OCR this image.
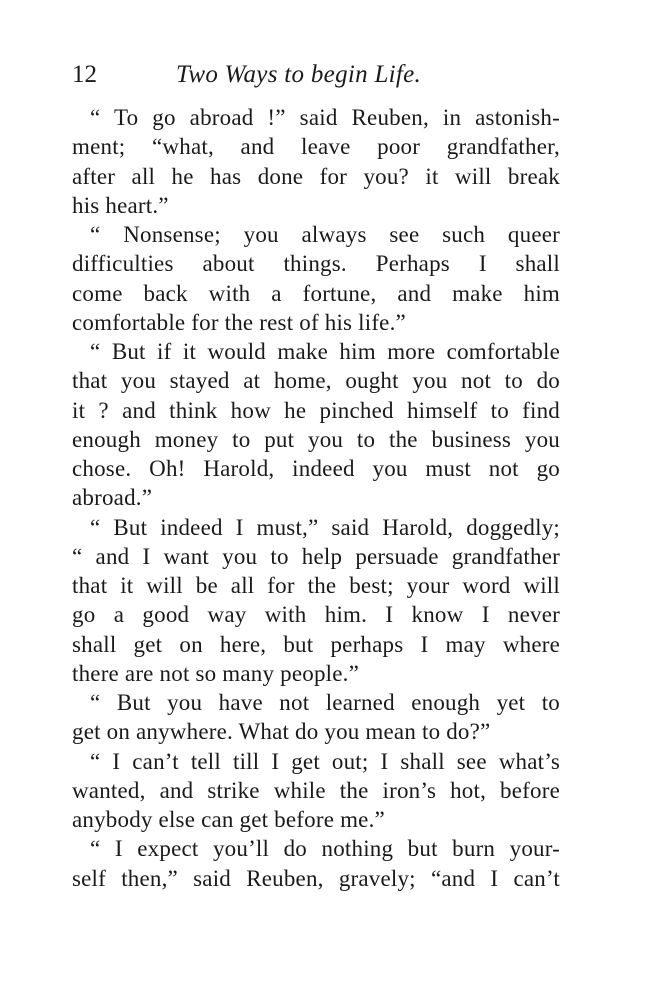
12	Two Ways to begin Life.
“ To go abroad !” said Reuben, in astonish-
ment; “what, and leave poor grandfather,
after all he has done for you? it will break
his heart.”
“ Nonsense; you always see such queer
difficulties about things. Perhaps I shall
come back with a fortune, and make him
comfortable for the rest of his life.”
“ But if it would make him more comfortable
that you stayed at home, ought you not to do
it ? and think how he pinched himself to find
enough money to put you to the business you
chose. Oh! Harold, indeed you must not go
abroad.”
“ But indeed I must,” said Harold, doggedly;
“ and I want you to help persuade grandfather
that it will be all for the best; your word will
go a good way with him. I know I never
shall get on here, but perhaps I may where
there are not so many people.”
“ But you have not learned enough yet to
get on anywhere. What do you mean to do?”
“ I can’t tell till I get out; I shall see what’s
wanted, and strike while the iron’s hot, before
anybody else can get before me.”
“ I expect you’ll do nothing but burn your-
self then,” said Reuben, gravely; “and I can’t
